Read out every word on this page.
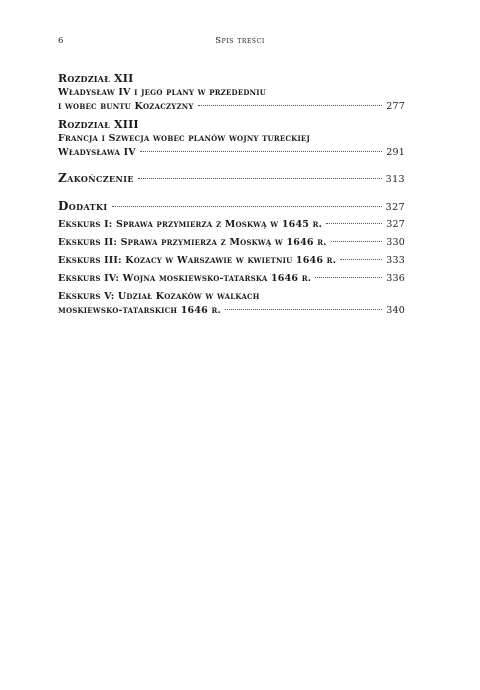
6	Spis treści
Rozdział XII
Władysław IV i jego plany w przededniu
i wobec buntu Kozaczyzny	277
Rozdział XIII
Francja i Szwecja wobec planów wojny tureckiej
Władysława IV	291
Zakończenie	313
Dodatki	327
Ekskurs I: Sprawa przymierza z Moskwą w 1645 r.	327
Ekskurs II: Sprawa przymierza z Moskwą w 1646 r.	330
Ekskurs III: Kozacy w Warszawie w kwietniu 1646 r.	333
Ekskurs IV: Wojna moskiewsko-tatarska 1646 r.	336
Ekskurs V: Udział Kozaków w walkach
moskiewsko-tatarskich 1646 r.	340
